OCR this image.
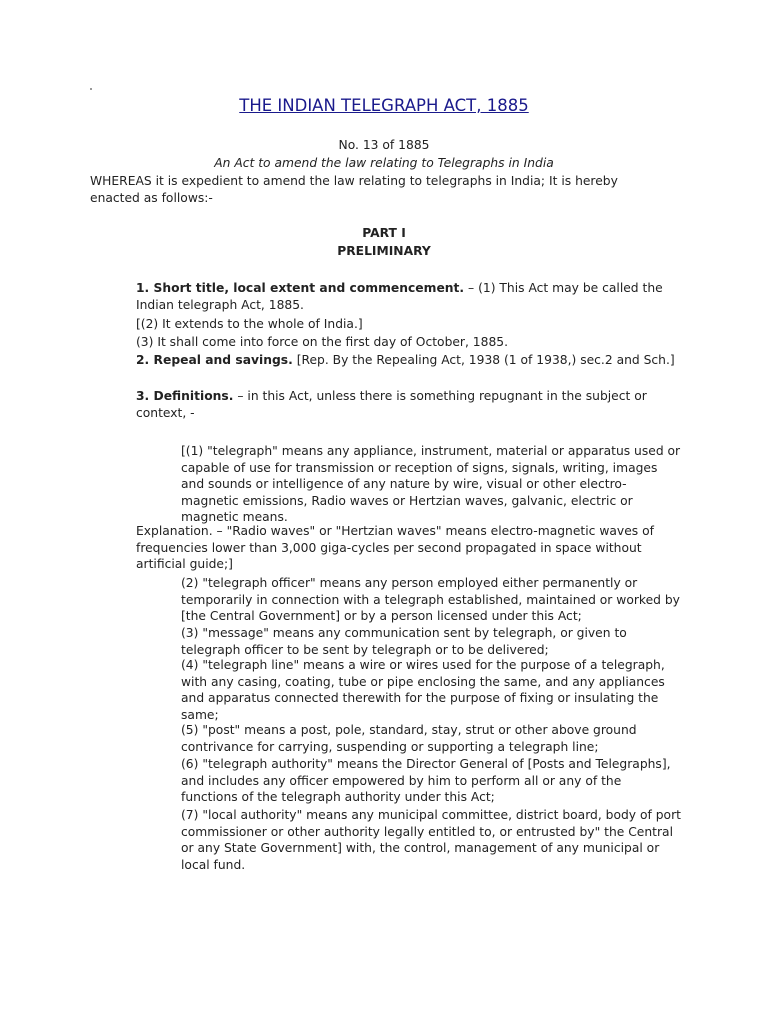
THE INDIAN TELEGRAPH ACT, 1885

No. 13 of 1885

An Act to amend the law relating to Telegraphs in India

WHEREAS it is expedient to amend the law relating to telegraphs in India; It is hereby enacted as follows:-

PART I

PRELIMINARY

1. Short title, local extent and commencement. – (1) This Act may be called the Indian telegraph Act, 1885.

[(2) It extends to the whole of India.]

(3) It shall come into force on the first day of October, 1885.

2. Repeal and savings. [Rep. By the Repealing Act, 1938 (1 of 1938,) sec.2 and Sch.]

3. Definitions. – in this Act, unless there is something repugnant in the subject or context, -

[(1) "telegraph" means any appliance, instrument, material or apparatus used or capable of use for transmission or reception of signs, signals, writing, images and sounds or intelligence of any nature by wire, visual or other electro-magnetic emissions, Radio waves or Hertzian waves, galvanic, electric or magnetic means.

Explanation. – "Radio waves" or "Hertzian waves" means electro-magnetic waves of frequencies lower than 3,000 giga-cycles per second propagated in space without artificial guide;]

(2) "telegraph officer" means any person employed either permanently or temporarily in connection with a telegraph established, maintained or worked by [the Central Government] or by a person licensed under this Act;

(3) "message" means any communication sent by telegraph, or given to telegraph officer to be sent by telegraph or to be delivered;

(4) "telegraph line" means a wire or wires used for the purpose of a telegraph, with any casing, coating, tube or pipe enclosing the same, and any appliances and apparatus connected therewith for the purpose of fixing or insulating the same;

(5) "post" means a post, pole, standard, stay, strut or other above ground contrivance for carrying, suspending or supporting a telegraph line;

(6) "telegraph authority" means the Director General of [Posts and Telegraphs], and includes any officer empowered by him to perform all or any of the functions of the telegraph authority under this Act;

(7) "local authority" means any municipal committee, district board, body of port commissioner or other authority legally entitled to, or entrusted by" the Central or any State Government] with, the control, management of any municipal or local fund.
